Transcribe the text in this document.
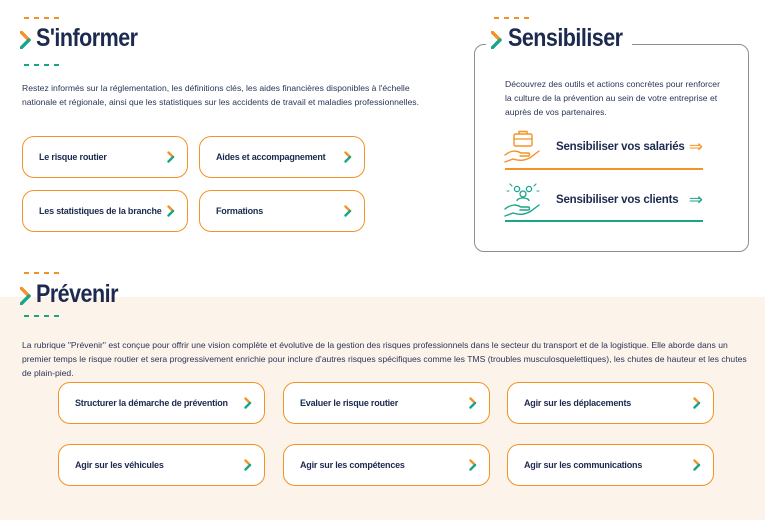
S'informer
Restez informés sur la réglementation, les définitions clés, les aides financières disponibles à l'échelle nationale et régionale, ainsi que les statistiques sur les accidents de travail et maladies professionnelles.
Le risque routier	Aides et accompagnement
Les statistiques de la branche	Formations
Sensibiliser
Découvrez des outils et actions concrètes pour renforcer la culture de la prévention au sein de votre entreprise et auprès de vos partenaires.
Sensibiliser vos salariés ⇒
Sensibiliser vos clients ⇒
Prévenir
La rubrique "Prévenir" est conçue pour offrir une vision complète et évolutive de la gestion des risques professionnels dans le secteur du transport et de la logistique. Elle aborde dans un premier temps le risque routier et sera progressivement enrichie pour inclure d'autres risques spécifiques comme les TMS (troubles musculosquelettiques), les chutes de hauteur et les chutes de plain-pied.
Structurer la démarche de prévention	Evaluer le risque routier	Agir sur les déplacements
Agir sur les véhicules	Agir sur les compétences	Agir sur les communications
